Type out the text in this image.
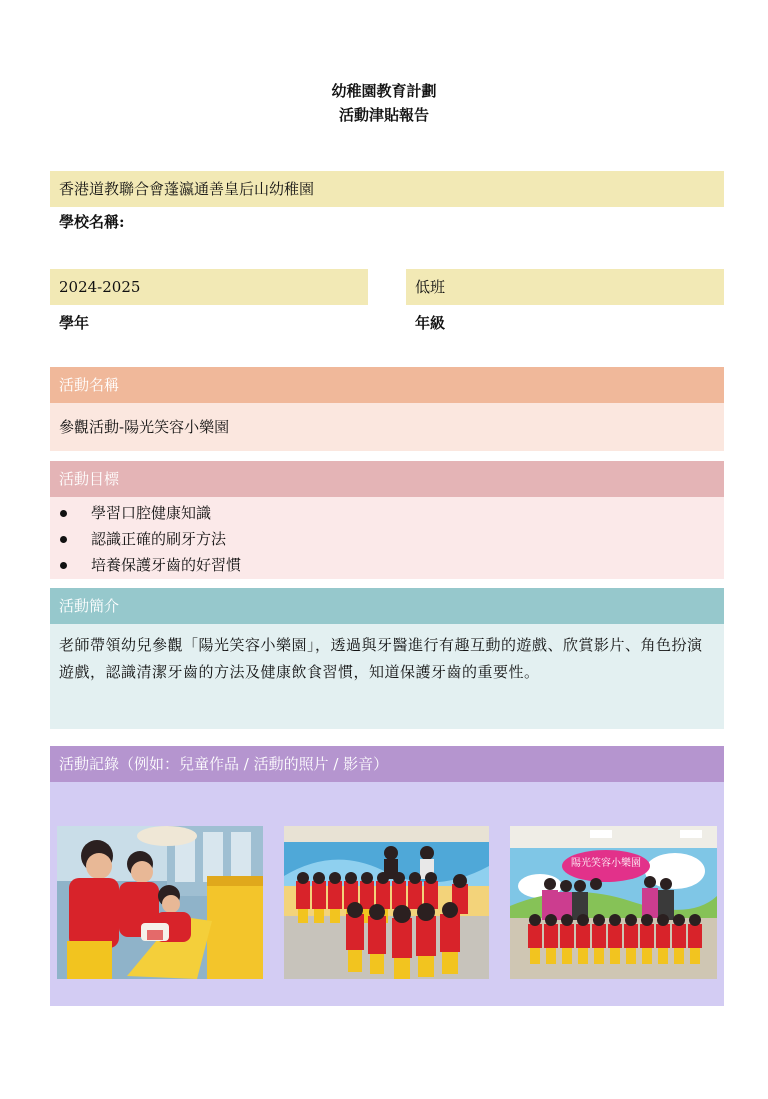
幼稚園教育計劃
活動津貼報告
香港道教聯合會蓬瀛通善皇后山幼稚園
學校名稱:
2024-2025
學年
低班
年級
活動名稱
參觀活動-陽光笑容小樂園
活動目標
學習口腔健康知識
認識正確的刷牙方法
培養保護牙齒的好習慣
活動簡介
老師帶領幼兒參觀「陽光笑容小樂園」，透過與牙醫進行有趣互動的遊戲、欣賞影片、角色扮演遊戲，認識清潔牙齒的方法及健康飲食習慣，知道保護牙齒的重要性。
活動記錄（例如：兒童作品 / 活動的照片 / 影音）
陽光笑容小樂園
